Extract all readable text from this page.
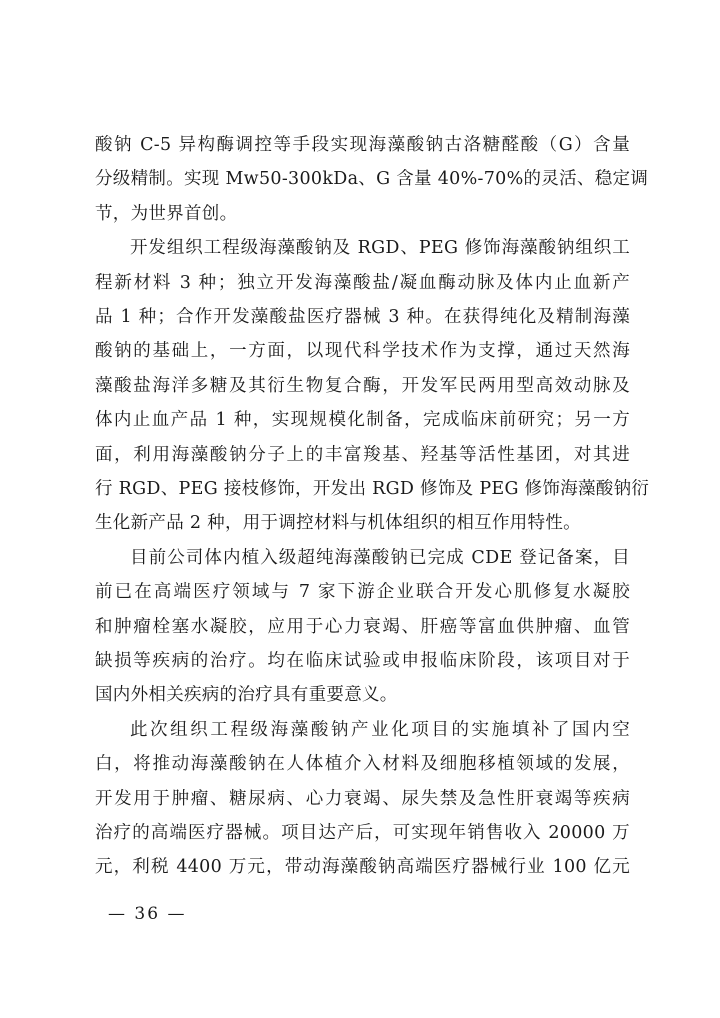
酸钠 C-5 异构酶调控等手段实现海藻酸钠古洛糖醛酸（G）含量
分级精制。实现 Mw50-300kDa、G 含量 40%-70%的灵活、稳定调
节，为世界首创。
开发组织工程级海藻酸钠及 RGD、PEG 修饰海藻酸钠组织工
程新材料 3 种；独立开发海藻酸盐/凝血酶动脉及体内止血新产
品 1 种；合作开发藻酸盐医疗器械 3 种。在获得纯化及精制海藻
酸钠的基础上，一方面，以现代科学技术作为支撑，通过天然海
藻酸盐海洋多糖及其衍生物复合酶，开发军民两用型高效动脉及
体内止血产品 1 种，实现规模化制备，完成临床前研究；另一方
面，利用海藻酸钠分子上的丰富羧基、羟基等活性基团，对其进
行 RGD、PEG 接枝修饰，开发出 RGD 修饰及 PEG 修饰海藻酸钠衍
生化新产品 2 种，用于调控材料与机体组织的相互作用特性。
目前公司体内植入级超纯海藻酸钠已完成 CDE 登记备案，目
前已在高端医疗领域与 7 家下游企业联合开发心肌修复水凝胶
和肿瘤栓塞水凝胶，应用于心力衰竭、肝癌等富血供肿瘤、血管
缺损等疾病的治疗。均在临床试验或申报临床阶段，该项目对于
国内外相关疾病的治疗具有重要意义。
此次组织工程级海藻酸钠产业化项目的实施填补了国内空
白，将推动海藻酸钠在人体植介入材料及细胞移植领域的发展，
开发用于肿瘤、糖尿病、心力衰竭、尿失禁及急性肝衰竭等疾病
治疗的高端医疗器械。项目达产后，可实现年销售收入 20000 万
元，利税 4400 万元，带动海藻酸钠高端医疗器械行业 100 亿元
— 36 —
